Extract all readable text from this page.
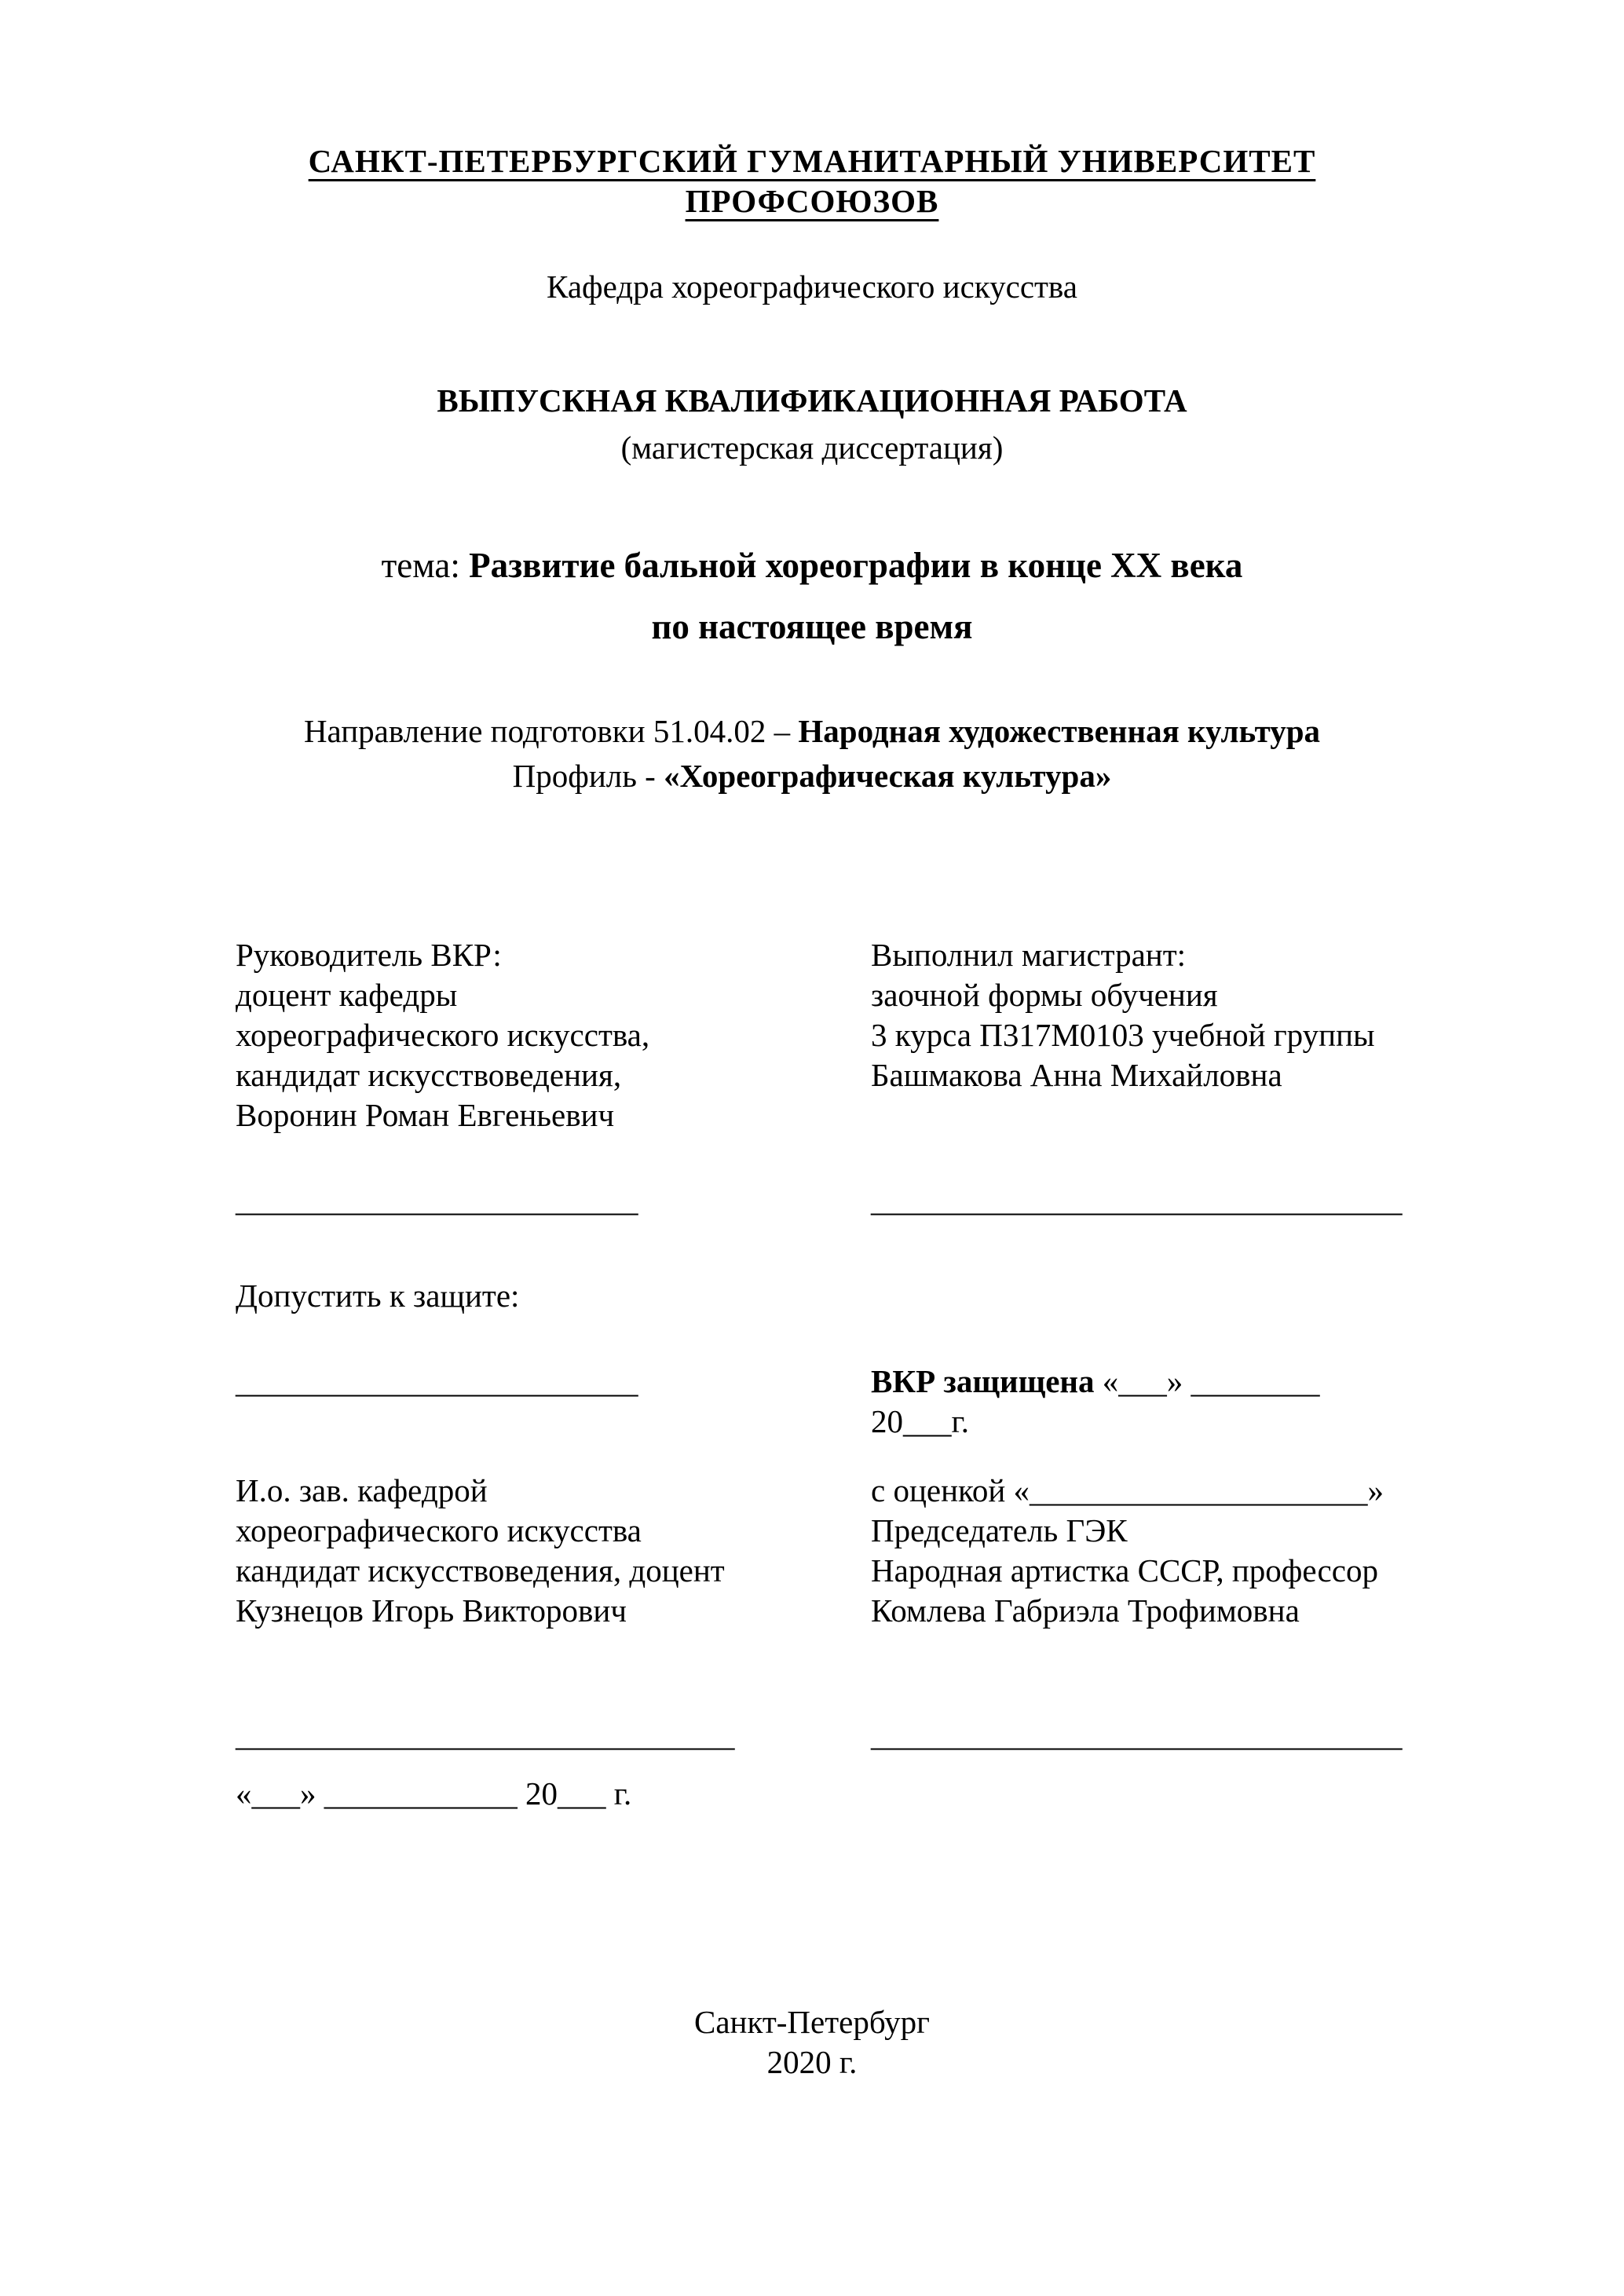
САНКТ-ПЕТЕРБУРГСКИЙ ГУМАНИТАРНЫЙ УНИВЕРСИТЕТ ПРОФСОЮЗОВ
Кафедра хореографического искусства
ВЫПУСКНАЯ КВАЛИФИКАЦИОННАЯ РАБОТА
(магистерская диссертация)
тема: Развитие бальной хореографии в конце XX века
по настоящее время
Направление подготовки 51.04.02 – Народная художественная культура
Профиль - «Хореографическая культура»
Руководитель ВКР:
доцент кафедры
хореографического искусства,
кандидат искусствоведения,
Воронин Роман Евгеньевич
Выполнил магистрант:
заочной формы обучения
3 курса П317М0103 учебной группы
Башмакова Анна Михайловна
_________________________	_________________________________
Допустить к защите:
_________________________	ВКР защищена «___» ________ 20___г.
И.о. зав. кафедрой
хореографического искусства
кандидат искусствоведения, доцент
Кузнецов Игорь Викторович
с оценкой «_____________________»
Председатель ГЭК
Народная артистка СССР, профессор
Комлева Габриэла Трофимовна
_______________________________	_________________________________
«___» ____________ 20___ г.
Санкт-Петербург
2020 г.
